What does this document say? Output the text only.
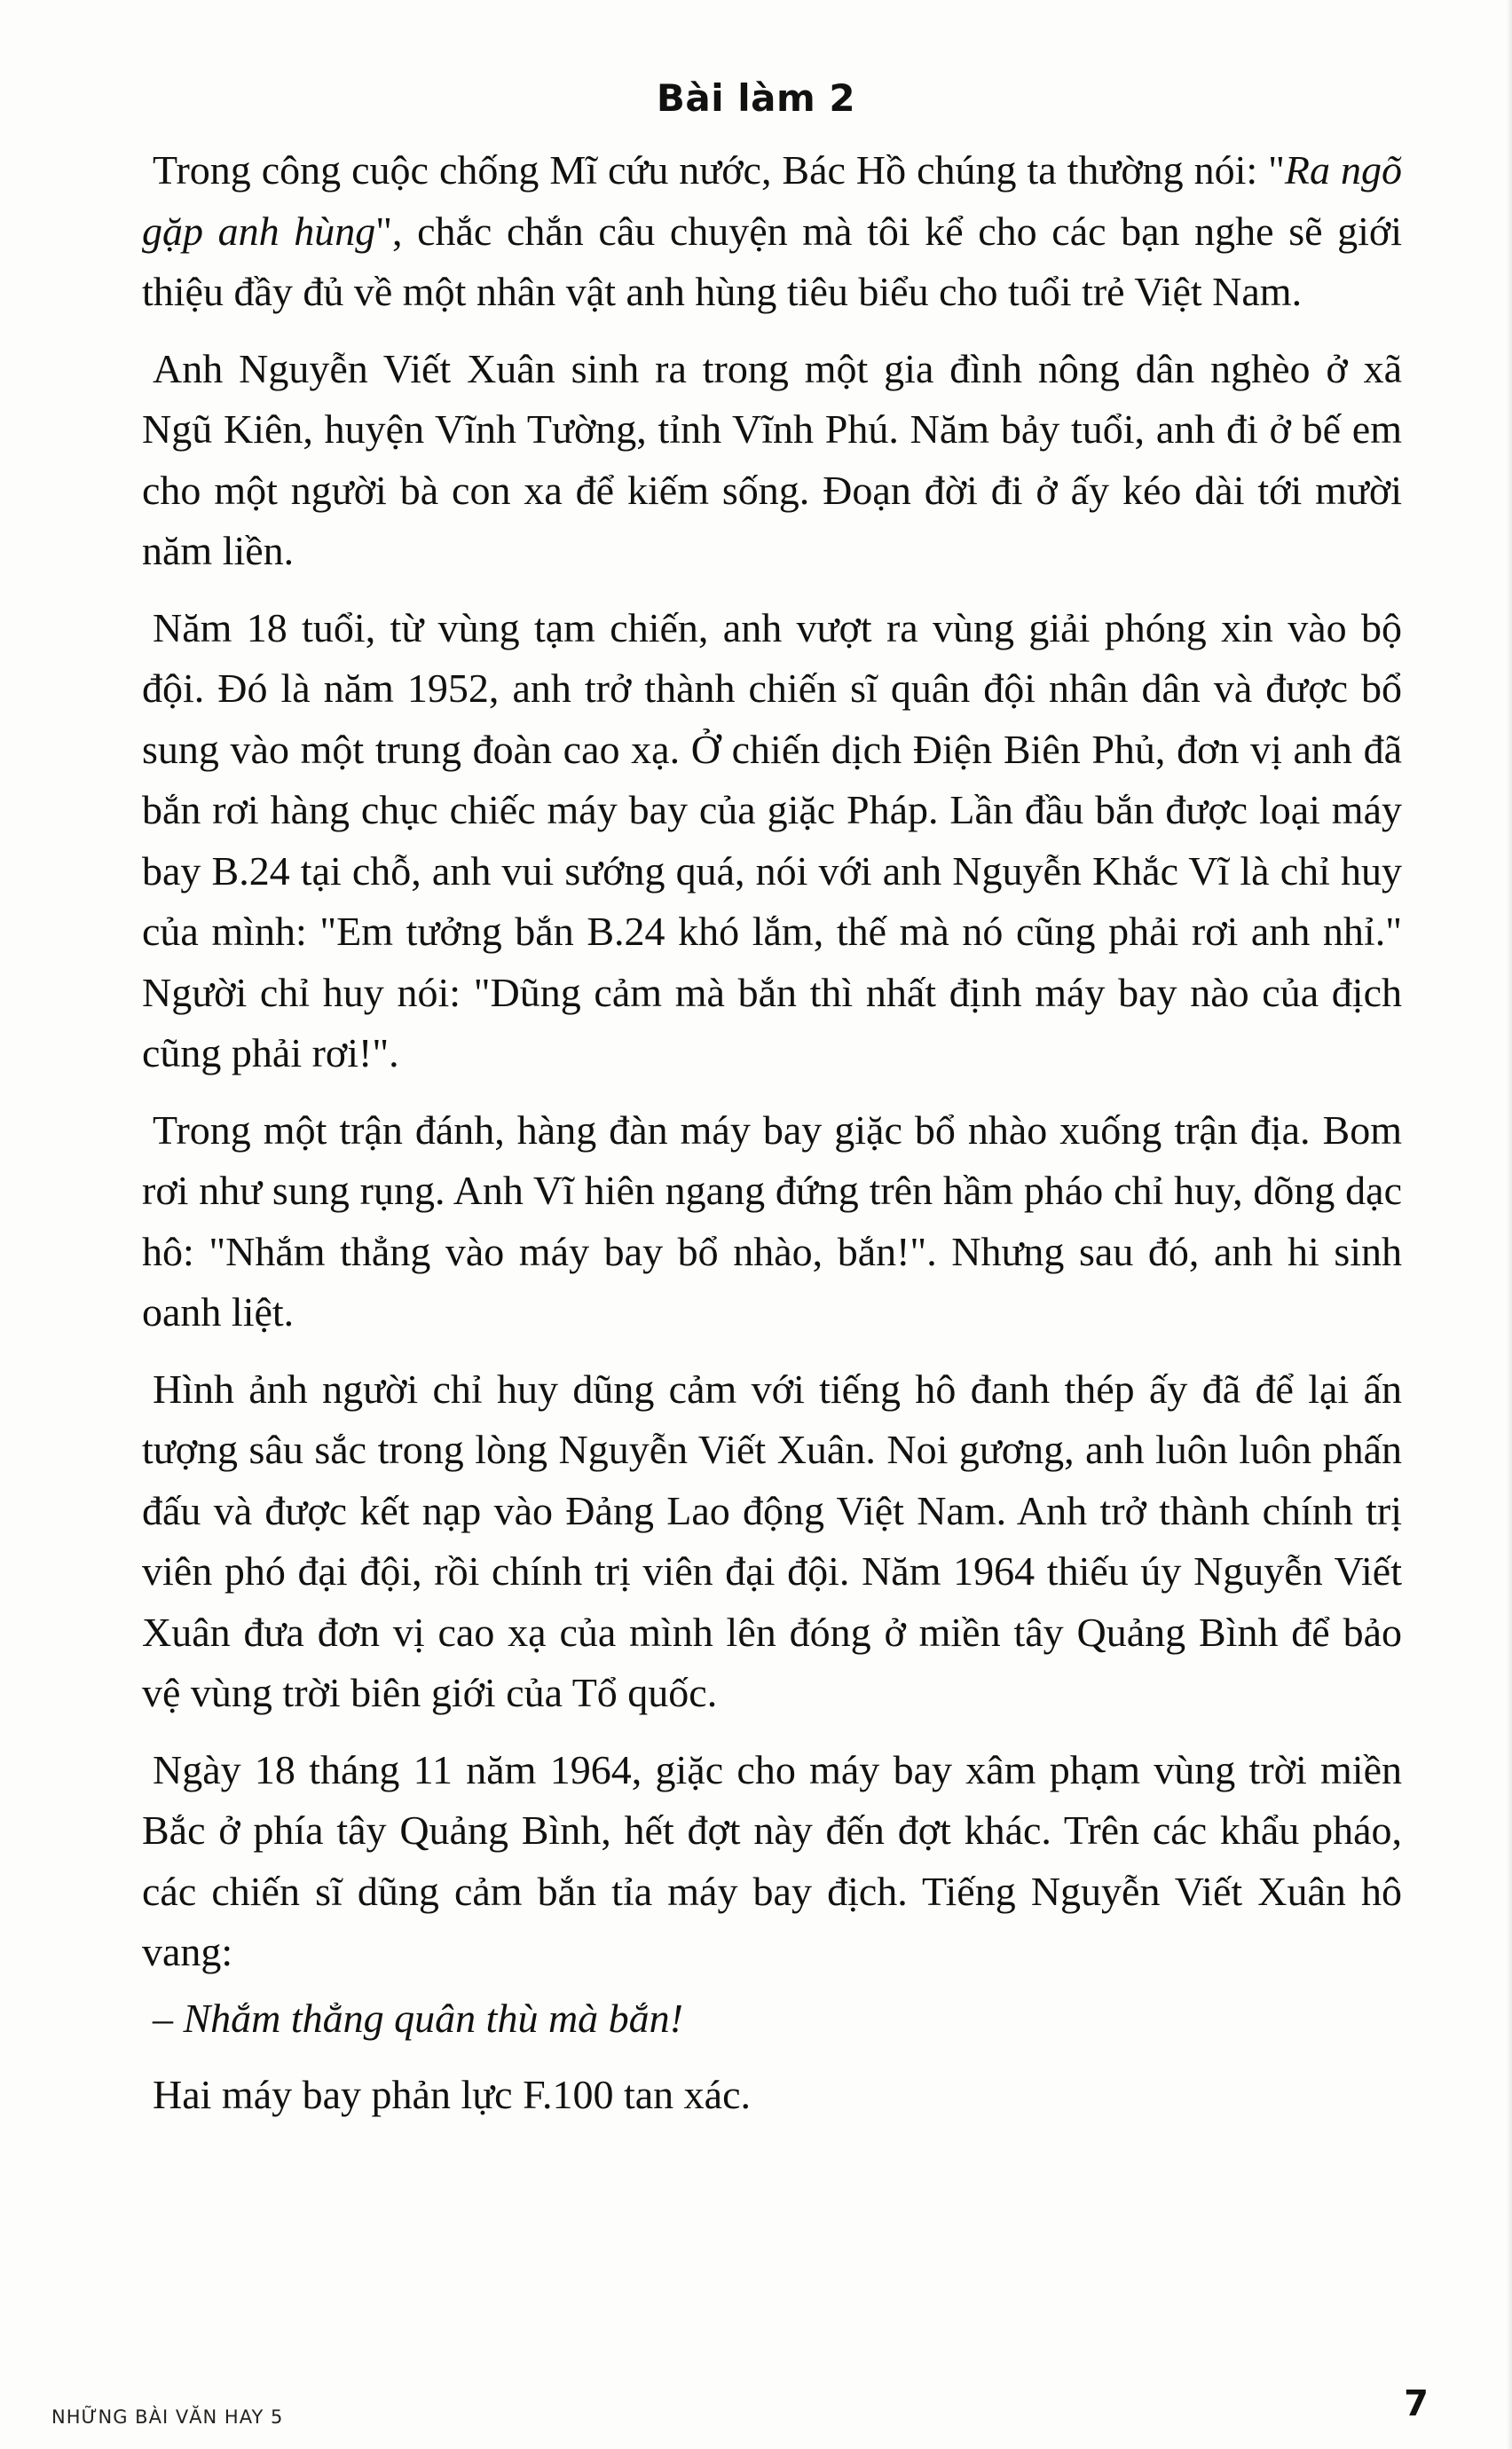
Bài làm 2

Trong công cuộc chống Mĩ cứu nước, Bác Hồ chúng ta thường nói: "Ra ngõ gặp anh hùng", chắc chắn câu chuyện mà tôi kể cho các bạn nghe sẽ giới thiệu đầy đủ về một nhân vật anh hùng tiêu biểu cho tuổi trẻ Việt Nam.

Anh Nguyễn Viết Xuân sinh ra trong một gia đình nông dân nghèo ở xã Ngũ Kiên, huyện Vĩnh Tường, tỉnh Vĩnh Phú. Năm bảy tuổi, anh đi ở bế em cho một người bà con xa để kiếm sống. Đoạn đời đi ở ấy kéo dài tới mười năm liền.

Năm 18 tuổi, từ vùng tạm chiến, anh vượt ra vùng giải phóng xin vào bộ đội. Đó là năm 1952, anh trở thành chiến sĩ quân đội nhân dân và được bổ sung vào một trung đoàn cao xạ. Ở chiến dịch Điện Biên Phủ, đơn vị anh đã bắn rơi hàng chục chiếc máy bay của giặc Pháp. Lần đầu bắn được loại máy bay B.24 tại chỗ, anh vui sướng quá, nói với anh Nguyễn Khắc Vĩ là chỉ huy của mình: "Em tưởng bắn B.24 khó lắm, thế mà nó cũng phải rơi anh nhỉ." Người chỉ huy nói: "Dũng cảm mà bắn thì nhất định máy bay nào của địch cũng phải rơi!".

Trong một trận đánh, hàng đàn máy bay giặc bổ nhào xuống trận địa. Bom rơi như sung rụng. Anh Vĩ hiên ngang đứng trên hầm pháo chỉ huy, dõng dạc hô: "Nhắm thẳng vào máy bay bổ nhào, bắn!". Nhưng sau đó, anh hi sinh oanh liệt.

Hình ảnh người chỉ huy dũng cảm với tiếng hô đanh thép ấy đã để lại ấn tượng sâu sắc trong lòng Nguyễn Viết Xuân. Noi gương, anh luôn luôn phấn đấu và được kết nạp vào Đảng Lao động Việt Nam. Anh trở thành chính trị viên phó đại đội, rồi chính trị viên đại đội. Năm 1964 thiếu úy Nguyễn Viết Xuân đưa đơn vị cao xạ của mình lên đóng ở miền tây Quảng Bình để bảo vệ vùng trời biên giới của Tổ quốc.

Ngày 18 tháng 11 năm 1964, giặc cho máy bay xâm phạm vùng trời miền Bắc ở phía tây Quảng Bình, hết đợt này đến đợt khác. Trên các khẩu pháo, các chiến sĩ dũng cảm bắn tỉa máy bay địch. Tiếng Nguyễn Viết Xuân hô vang:

– Nhắm thẳng quân thù mà bắn!

Hai máy bay phản lực F.100 tan xác.

NHỮNG BÀI VĂN HAY 5	7
